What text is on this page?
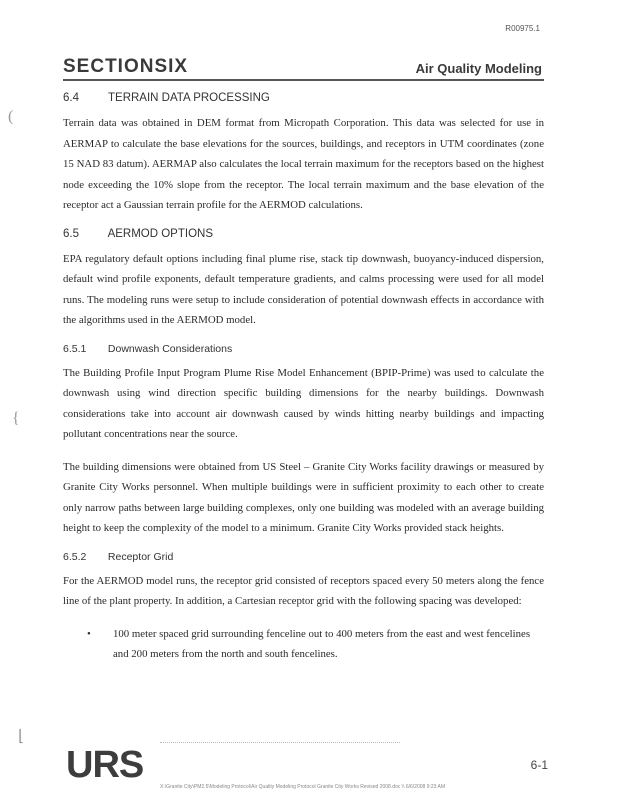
R00975.1
SECTIONSIX	Air Quality Modeling
(
{
⌊
6.4	TERRAIN DATA PROCESSING

Terrain data was obtained in DEM format from Micropath Corporation. This data was selected for use in AERMAP to calculate the base elevations for the sources, buildings, and receptors in UTM coordinates (zone 15 NAD 83 datum). AERMAP also calculates the local terrain maximum for the receptors based on the highest node exceeding the 10% slope from the receptor. The local terrain maximum and the base elevation of the receptor act a Gaussian terrain profile for the AERMOD calculations.

6.5 AERMOD OPTIONS

EPA regulatory default options including final plume rise, stack tip downwash, buoyancy-induced dispersion, default wind profile exponents, default temperature gradients, and calms processing were used for all model runs. The modeling runs were setup to include consideration of potential downwash effects in accordance with the algorithms used in the AERMOD model.

6.5.1 Downwash Considerations

The Building Profile Input Program Plume Rise Model Enhancement (BPIP-Prime) was used to calculate the downwash using wind direction specific building dimensions for the nearby buildings. Downwash considerations take into account air downwash caused by winds hitting nearby buildings and impacting pollutant concentrations near the source.

The building dimensions were obtained from US Steel – Granite City Works facility drawings or measured by Granite City Works personnel. When multiple buildings were in sufficient proximity to each other to create only narrow paths between large building complexes, only one building was modeled with an average building height to keep the complexity of the model to a minimum. Granite City Works provided stack heights.

6.5.2 Receptor Grid

For the AERMOD model runs, the receptor grid consisted of receptors spaced every 50 meters along the fence line of the plant property. In addition, a Cartesian receptor grid with the following spacing was developed:

• 100 meter spaced grid surrounding fenceline out to 400 meters from the east and west fencelines and 200 meters from the north and south fencelines.
URS	6-1
X:\Granite City\PM2.5\Modeling Protocol\Air Quality Modeling Protocol Granite City Works Revised 2008.doc \\ 6/6/2008 9:23 AM
